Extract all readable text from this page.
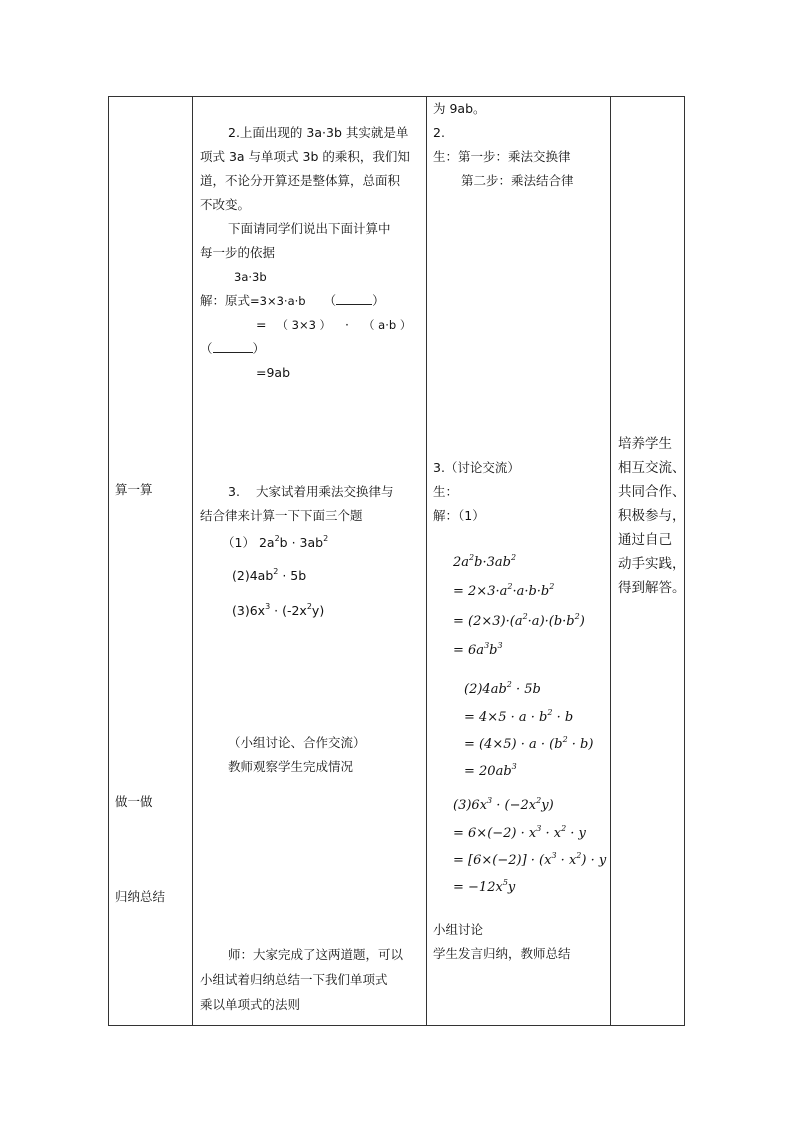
算一算
做一做
归纳总结
2.上面出现的 3a·3b 其实就是单
项式 3a 与单项式 3b 的乘积，我们知
道，不论分开算还是整体算，总面积
不改变。
下面请同学们说出下面计算中
每一步的依据
3a·3b
解：原式=3×3·a·b （	）
= （ 3×3 ） · （ a·b ）
（	）
=9ab
3. 大家试着用乘法交换律与
结合律来计算一下下面三个题
（1） $2a^2b \cdot 3ab^2$
$(2)4ab^2 \cdot 5b$
$(3)6x^3 \cdot (-2x^2y)$
（小组讨论、合作交流）
教师观察学生完成情况
师：大家完成了这两道题，可以
小组试着归纳总结一下我们单项式
乘以单项式的法则
为 9ab。
2.
生：第一步：乘法交换律
第二步：乘法结合律
3.（讨论交流）
生：
解：（1）
$2a^2b\cdot 3ab^2$
= $2\times 3\cdot a^2\cdot a\cdot b\cdot b^2$
= $(2\times 3)\cdot(a^2\cdot a)\cdot(b\cdot b^2)$
= $6a^3b^3$
$(2)4ab^2 \cdot 5b$
= $4\times 5 \cdot a \cdot b^2 \cdot b$
= $(4\times 5) \cdot a \cdot (b^2 \cdot b)$
= $20ab^3$
$(3)6x^3 \cdot (-2x^2y)$
= $6\times(-2) \cdot x^3 \cdot x^2 \cdot y$
= $[6\times(-2)] \cdot (x^3 \cdot x^2) \cdot y$
= $-12x^5y$
小组讨论
学生发言归纳，教师总结
培养学生
相互交流、
共同合作、
积极参与，
通过自己
动手实践，
得到解答。
